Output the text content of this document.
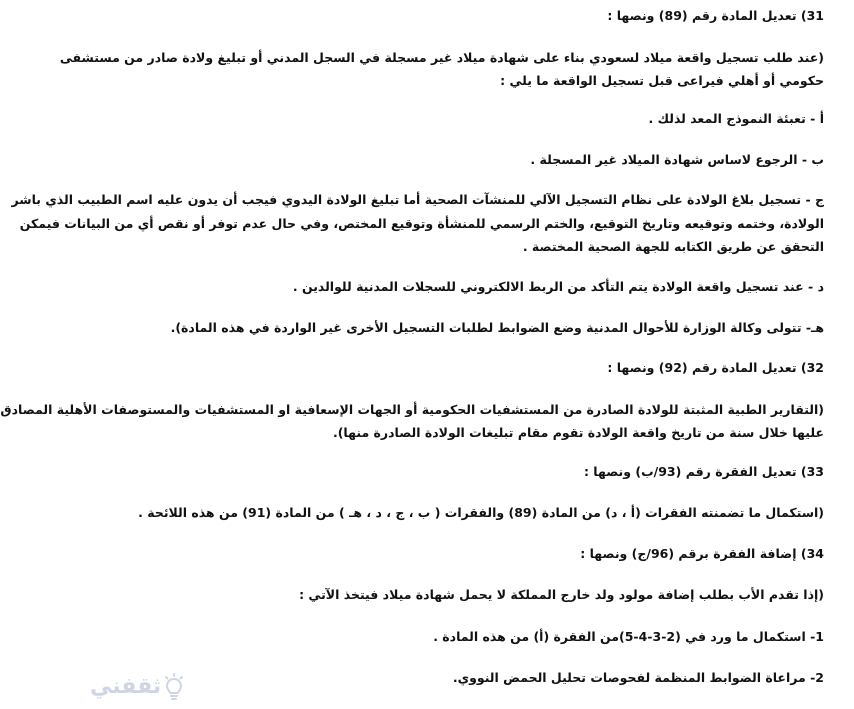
31) تعديل المادة رقم (89) ونصها :
(عند طلب تسجيل واقعة ميلاد لسعودي بناء على شهادة ميلاد غير مسجلة في السجل المدني أو تبليغ ولادة صادر من مستشفى
حكومي أو أهلي فيراعى قبل تسجيل الواقعة ما يلي :
أ - تعبئة النموذج المعد لذلك .
ب - الرجوع لاساس شهادة الميلاد غير المسجلة .
ج - تسجيل بلاغ الولادة على نظام التسجيل الآلي للمنشآت الصحية أما تبليغ الولادة اليدوي فيجب أن يدون عليه اسم الطبيب الذي باشر
الولادة، وختمه وتوقيعه وتاريخ التوقيع، والختم الرسمي للمنشأة وتوقيع المختص، وفي حال عدم توفر أو نقص أي من البيانات فيمكن
التحقق عن طريق الكتابه للجهة الصحية المختصة .
د - عند تسجيل واقعة الولادة يتم التأكد من الربط الالكتروني للسجلات المدنية للوالدين .
هـ- تتولى وكالة الوزارة للأحوال المدنية وضع الضوابط لطلبات التسجيل الأخرى غير الواردة في هذه المادة).
32) تعديل المادة رقم (92) ونصها :
(التقارير الطبية المثبتة للولادة الصادرة من المستشفيات الحكومية أو الجهات الإسعافية او المستشفيات والمستوصفات الأهلية المصادق
عليها خلال سنة من تاريخ واقعة الولادة تقوم مقام تبليغات الولادة الصادرة منها).
33) تعديل الفقرة رقم (93/ب) ونصها :
(استكمال ما تضمنته الفقرات (أ ، د) من المادة (89) والفقرات ( ب ، ج ، د ، هـ ) من المادة (91) من هذه اللائحة .
34) إضافة الفقرة برقم (96/ج) ونصها :
(إذا تقدم الأب بطلب إضافة مولود ولد خارج المملكة لا يحمل شهادة ميلاد فيتخذ الآتي :
1- استكمال ما ورد في (2-3-4-5)من الفقرة (أ) من هذه المادة .
2- مراعاة الضوابط المنظمة لفحوصات تحليل الحمض النووي.
ثقفني
